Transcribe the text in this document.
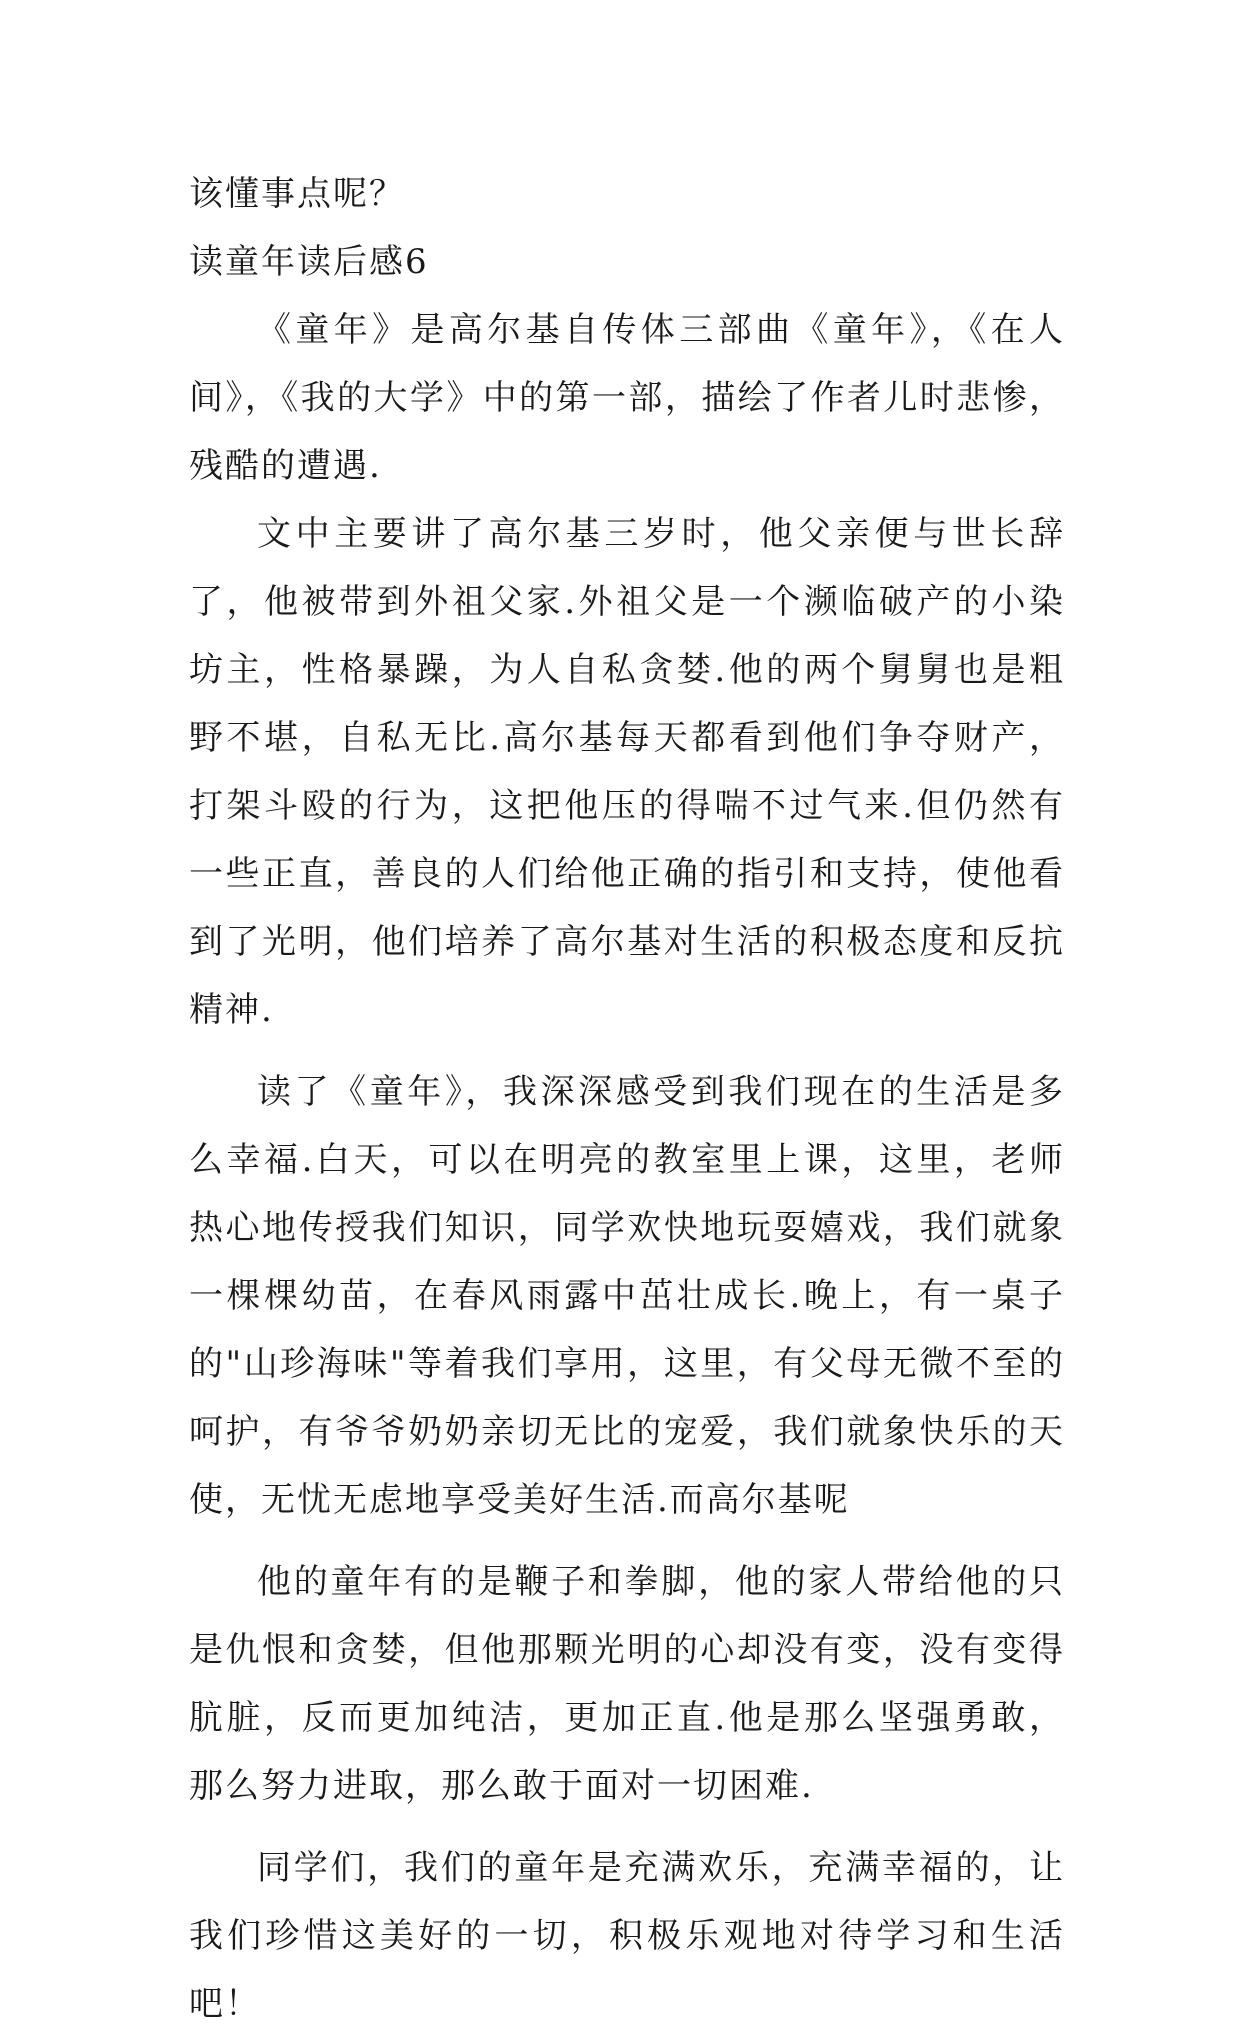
该懂事点呢？

读童年读后感6

《童年》是高尔基自传体三部曲《童年》，《在人间》，《我的大学》中的第一部，描绘了作者儿时悲惨，残酷的遭遇.

文中主要讲了高尔基三岁时，他父亲便与世长辞了，他被带到外祖父家.外祖父是一个濒临破产的小染坊主，性格暴躁，为人自私贪婪.他的两个舅舅也是粗野不堪，自私无比.高尔基每天都看到他们争夺财产，打架斗殴的行为，这把他压的得喘不过气来.但仍然有一些正直，善良的人们给他正确的指引和支持，使他看到了光明，他们培养了高尔基对生活的积极态度和反抗精神.

读了《童年》，我深深感受到我们现在的生活是多么幸福.白天，可以在明亮的教室里上课，这里，老师热心地传授我们知识，同学欢快地玩耍嬉戏，我们就象一棵棵幼苗，在春风雨露中茁壮成长.晚上，有一桌子的"山珍海味"等着我们享用，这里，有父母无微不至的呵护，有爷爷奶奶亲切无比的宠爱，我们就象快乐的天使，无忧无虑地享受美好生活.而高尔基呢

他的童年有的是鞭子和拳脚，他的家人带给他的只是仇恨和贪婪，但他那颗光明的心却没有变，没有变得肮脏，反而更加纯洁，更加正直.他是那么坚强勇敢，那么努力进取，那么敢于面对一切困难.

同学们，我们的童年是充满欢乐，充满幸福的，让我们珍惜这美好的一切，积极乐观地对待学习和生活吧！
